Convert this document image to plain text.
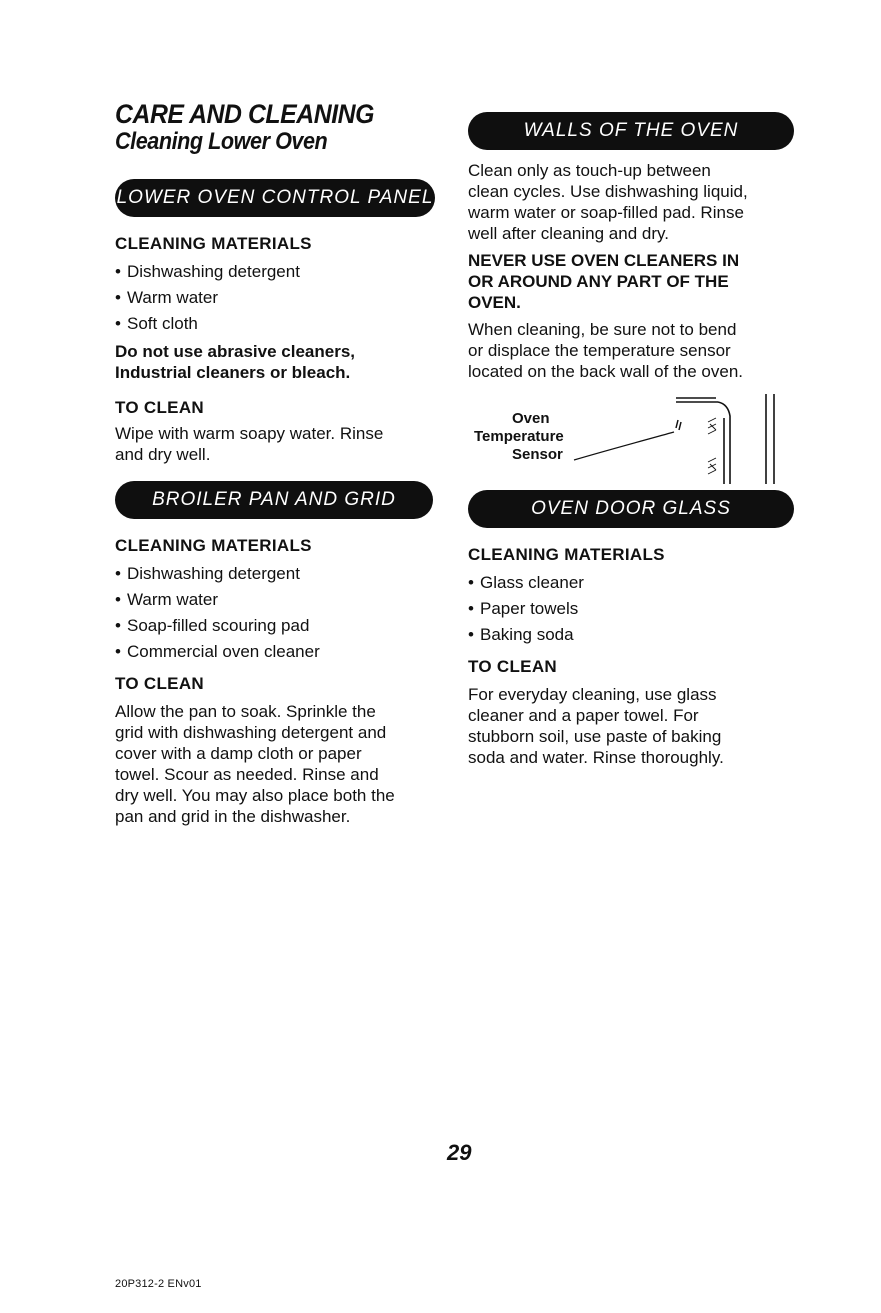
CARE AND CLEANING
Cleaning Lower Oven
LOWER OVEN CONTROL PANEL
CLEANING MATERIALS
• Dishwashing detergent
• Warm water
• Soft cloth
Do not use abrasive cleaners,
Industrial cleaners or bleach.
TO CLEAN
Wipe with warm soapy water. Rinse
and dry well.
BROILER PAN AND GRID
CLEANING MATERIALS
• Dishwashing detergent
• Warm water
• Soap-filled scouring pad
• Commercial oven cleaner
TO CLEAN
Allow the pan to soak. Sprinkle the
grid with dishwashing detergent and
cover with a damp cloth or paper
towel. Scour as needed. Rinse and
dry well. You may also place both the
pan and grid in the dishwasher.
WALLS OF THE OVEN
Clean only as touch-up between
clean cycles. Use dishwashing liquid,
warm water or soap-filled pad. Rinse
well after cleaning and dry.
NEVER USE OVEN CLEANERS IN
OR AROUND ANY PART OF THE
OVEN.
When cleaning, be sure not to bend
or displace the temperature sensor
located on the back wall of the oven.
Oven
Temperature
Sensor
OVEN DOOR GLASS
CLEANING MATERIALS
• Glass cleaner
• Paper towels
• Baking soda
TO CLEAN
For everyday cleaning, use glass
cleaner and a paper towel. For
stubborn soil, use paste of baking
soda and water. Rinse thoroughly.
29
20P312-2 ENv01
